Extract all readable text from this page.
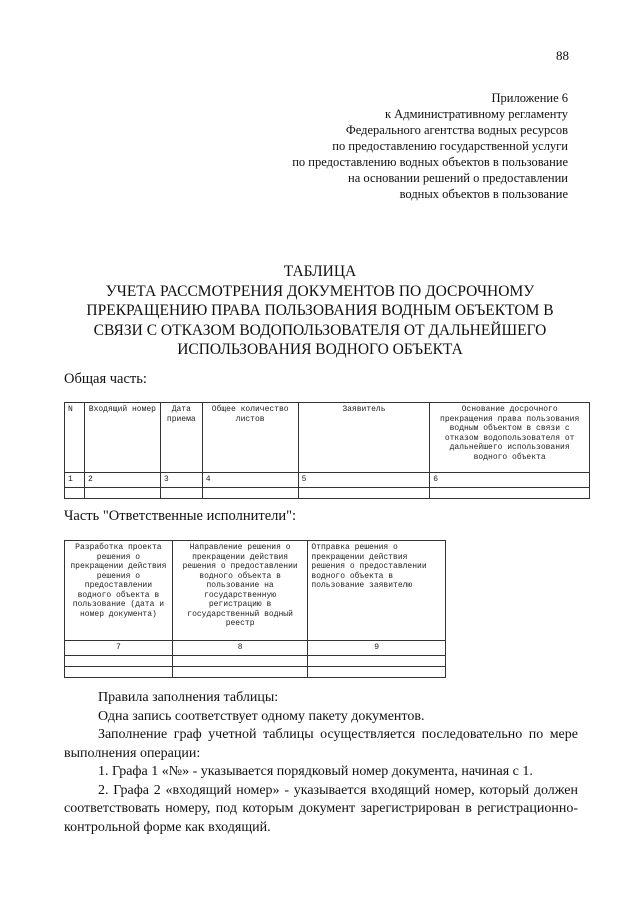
88
Приложение 6
к Административному регламенту
Федерального агентства водных ресурсов
по предоставлению государственной услуги
по предоставлению водных объектов в пользование
на основании решений о предоставлении
водных объектов в пользование
ТАБЛИЦА
УЧЕТА РАССМОТРЕНИЯ ДОКУМЕНТОВ ПО ДОСРОЧНОМУ
ПРЕКРАЩЕНИЮ ПРАВА ПОЛЬЗОВАНИЯ ВОДНЫМ ОБЪЕКТОМ В
СВЯЗИ С ОТКАЗОМ ВОДОПОЛЬЗОВАТЕЛЯ ОТ ДАЛЬНЕЙШЕГО
ИСПОЛЬЗОВАНИЯ ВОДНОГО ОБЪЕКТА
Общая часть:
N	Входящий номер	Дата приема	Общее количество листов	Заявитель	Основание досрочного прекращения права пользования водным объектом в связи с отказом водопользователя от дальнейшего использования водного объекта
1	2	3	4	5	6

Часть "Ответственные исполнители":
Разработка проекта решения о прекращении действия решения о предоставлении водного объекта в пользование (дата и номер документа)	Направление решения о прекращении действия решения о предоставлении водного объекта в пользование на государственную регистрацию в государственный водный реестр	Отправка решения о прекращении действия решения о предоставлении водного объекта в пользование заявителю
7	8	9

Правила заполнения таблицы:

Одна запись соответствует одному пакету документов.

Заполнение граф учетной таблицы осуществляется последовательно по мере выполнения операции:

1. Графа 1 «№» - указывается порядковый номер документа, начиная с 1.

2. Графа 2 «входящий номер» - указывается входящий номер, который должен соответствовать номеру, под которым документ зарегистрирован в регистрационно-контрольной форме как входящий.
